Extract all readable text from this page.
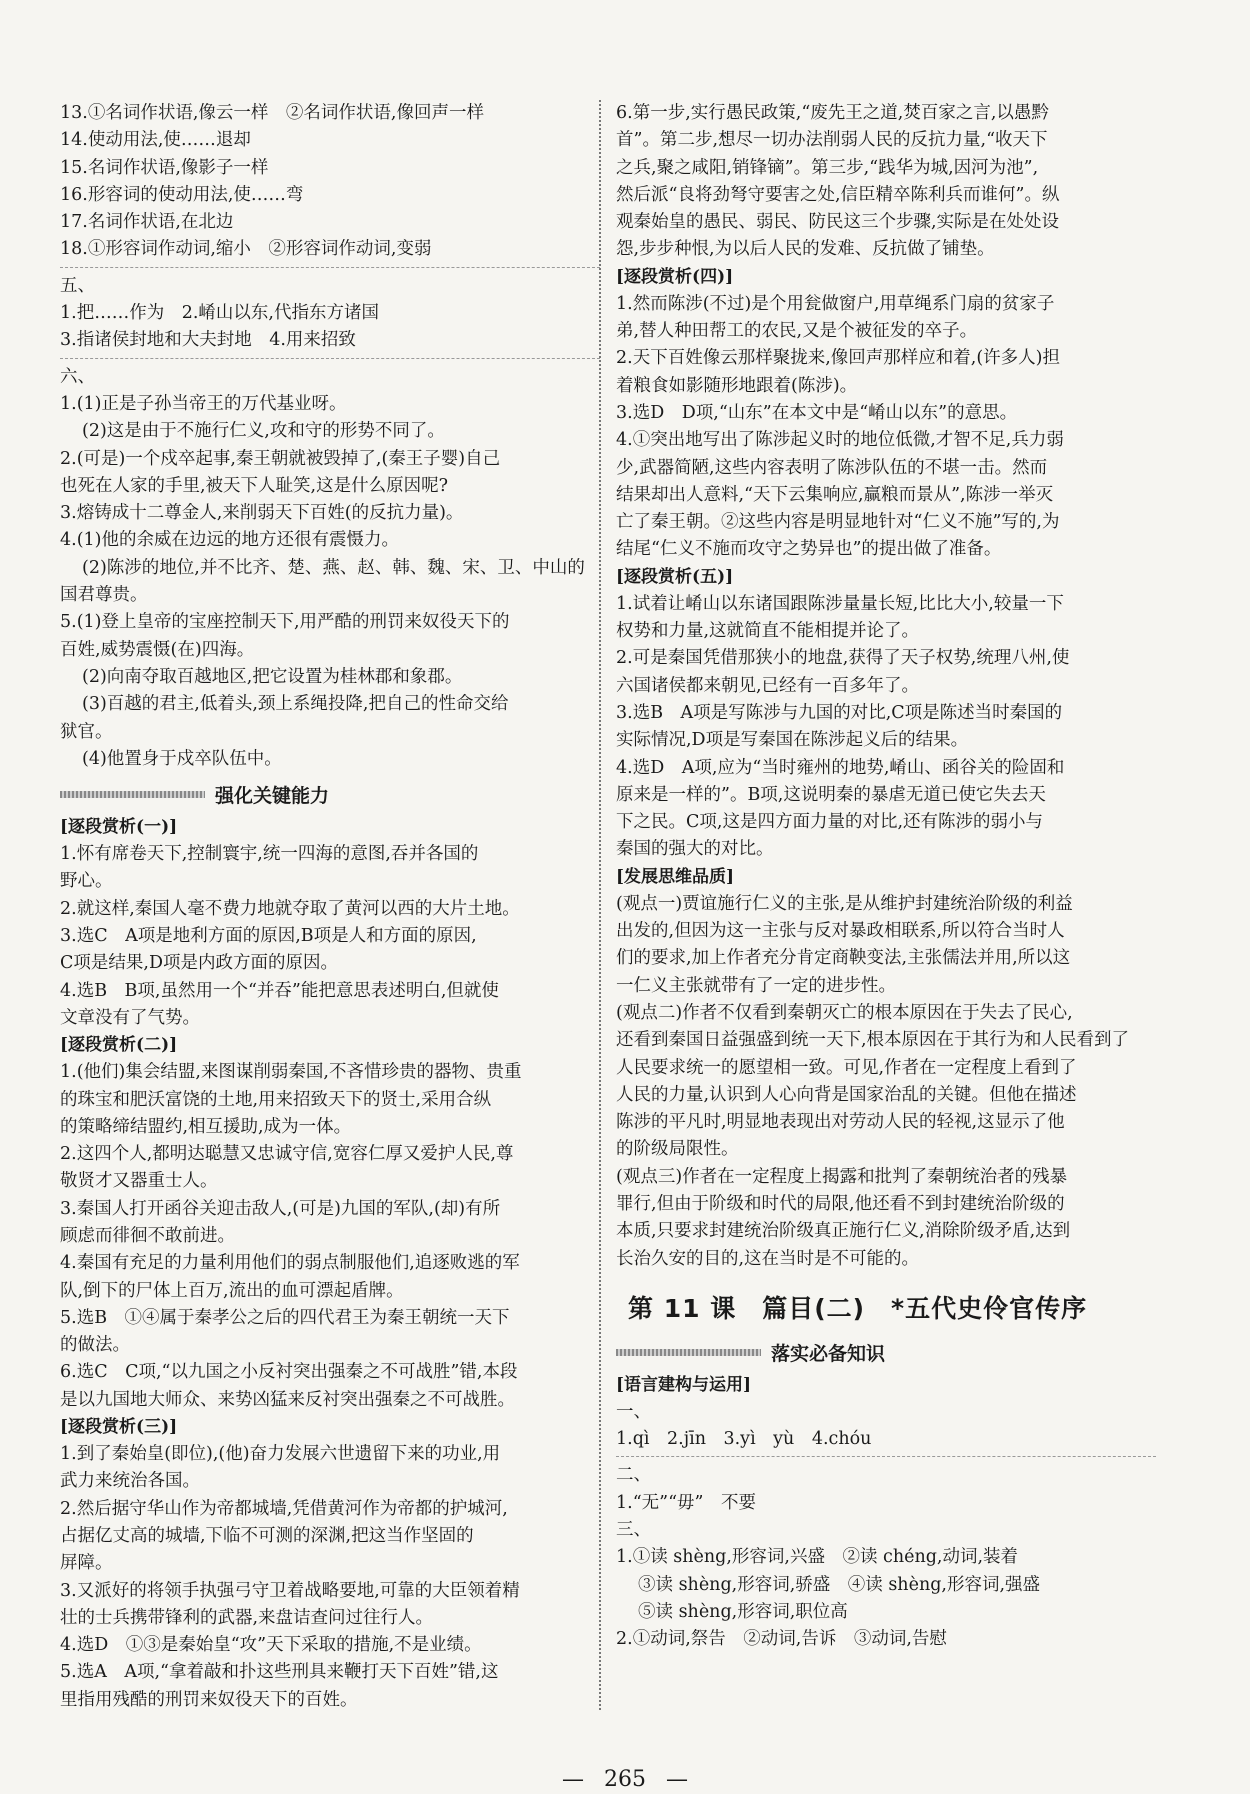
13.①名词作状语,像云一样　②名词作状语,像回声一样

14.使动用法,使……退却

15.名词作状语,像影子一样

16.形容词的使动用法,使……弯

17.名词作状语,在北边

18.①形容词作动词,缩小　②形容词作动词,变弱

五、

1.把……作为　2.崤山以东,代指东方诸国

3.指诸侯封地和大夫封地　4.用来招致

六、

1.(1)正是子孙当帝王的万代基业呀。

(2)这是由于不施行仁义,攻和守的形势不同了。

2.(可是)一个戍卒起事,秦王朝就被毁掉了,(秦王子婴)自己

也死在人家的手里,被天下人耻笑,这是什么原因呢?

3.熔铸成十二尊金人,来削弱天下百姓(的反抗力量)。

4.(1)他的余威在边远的地方还很有震慑力。

(2)陈涉的地位,并不比齐、楚、燕、赵、韩、魏、宋、卫、中山的

国君尊贵。

5.(1)登上皇帝的宝座控制天下,用严酷的刑罚来奴役天下的

百姓,威势震慑(在)四海。

(2)向南夺取百越地区,把它设置为桂林郡和象郡。

(3)百越的君主,低着头,颈上系绳投降,把自己的性命交给

狱官。

(4)他置身于戍卒队伍中。

强化关键能力
[逐段赏析(一)]

1.怀有席卷天下,控制寰宇,统一四海的意图,吞并各国的

野心。

2.就这样,秦国人毫不费力地就夺取了黄河以西的大片土地。

3.选C　A项是地利方面的原因,B项是人和方面的原因,

C项是结果,D项是内政方面的原因。

4.选B　B项,虽然用一个“并吞”能把意思表述明白,但就使

文章没有了气势。

[逐段赏析(二)]

1.(他们)集会结盟,来图谋削弱秦国,不吝惜珍贵的器物、贵重

的珠宝和肥沃富饶的土地,用来招致天下的贤士,采用合纵

的策略缔结盟约,相互援助,成为一体。

2.这四个人,都明达聪慧又忠诚守信,宽容仁厚又爱护人民,尊

敬贤才又器重士人。

3.秦国人打开函谷关迎击敌人,(可是)九国的军队,(却)有所

顾虑而徘徊不敢前进。

4.秦国有充足的力量利用他们的弱点制服他们,追逐败逃的军

队,倒下的尸体上百万,流出的血可漂起盾牌。

5.选B　①④属于秦孝公之后的四代君王为秦王朝统一天下

的做法。

6.选C　C项,“以九国之小反衬突出强秦之不可战胜”错,本段

是以九国地大师众、来势凶猛来反衬突出强秦之不可战胜。

[逐段赏析(三)]

1.到了秦始皇(即位),(他)奋力发展六世遗留下来的功业,用

武力来统治各国。

2.然后据守华山作为帝都城墙,凭借黄河作为帝都的护城河,

占据亿丈高的城墙,下临不可测的深渊,把这当作坚固的

屏障。

3.又派好的将领手执强弓守卫着战略要地,可靠的大臣领着精

壮的士兵携带锋利的武器,来盘诘查问过往行人。

4.选D　①③是秦始皇“攻”天下采取的措施,不是业绩。

5.选A　A项,“拿着敲和扑这些刑具来鞭打天下百姓”错,这

里指用残酷的刑罚来奴役天下的百姓。

6.第一步,实行愚民政策,“废先王之道,焚百家之言,以愚黔

首”。第二步,想尽一切办法削弱人民的反抗力量,“收天下

之兵,聚之咸阳,销锋镝”。第三步,“践华为城,因河为池”,

然后派“良将劲弩守要害之处,信臣精卒陈利兵而谁何”。纵

观秦始皇的愚民、弱民、防民这三个步骤,实际是在处处设

怨,步步种恨,为以后人民的发难、反抗做了铺垫。

[逐段赏析(四)]

1.然而陈涉(不过)是个用瓮做窗户,用草绳系门扇的贫家子

弟,替人种田帮工的农民,又是个被征发的卒子。

2.天下百姓像云那样聚拢来,像回声那样应和着,(许多人)担

着粮食如影随形地跟着(陈涉)。

3.选D　D项,“山东”在本文中是“崤山以东”的意思。

4.①突出地写出了陈涉起义时的地位低微,才智不足,兵力弱

少,武器简陋,这些内容表明了陈涉队伍的不堪一击。然而

结果却出人意料,“天下云集响应,赢粮而景从”,陈涉一举灭

亡了秦王朝。②这些内容是明显地针对“仁义不施”写的,为

结尾“仁义不施而攻守之势异也”的提出做了准备。

[逐段赏析(五)]

1.试着让崤山以东诸国跟陈涉量量长短,比比大小,较量一下

权势和力量,这就简直不能相提并论了。

2.可是秦国凭借那狭小的地盘,获得了天子权势,统理八州,使

六国诸侯都来朝见,已经有一百多年了。

3.选B　A项是写陈涉与九国的对比,C项是陈述当时秦国的

实际情况,D项是写秦国在陈涉起义后的结果。

4.选D　A项,应为“当时雍州的地势,崤山、函谷关的险固和

原来是一样的”。B项,这说明秦的暴虐无道已使它失去天

下之民。C项,这是四方面力量的对比,还有陈涉的弱小与

秦国的强大的对比。

[发展思维品质]

(观点一)贾谊施行仁义的主张,是从维护封建统治阶级的利益

出发的,但因为这一主张与反对暴政相联系,所以符合当时人

们的要求,加上作者充分肯定商鞅变法,主张儒法并用,所以这

一仁义主张就带有了一定的进步性。

(观点二)作者不仅看到秦朝灭亡的根本原因在于失去了民心,

还看到秦国日益强盛到统一天下,根本原因在于其行为和人民看到了

人民要求统一的愿望相一致。可见,作者在一定程度上看到了

人民的力量,认识到人心向背是国家治乱的关键。但他在描述

陈涉的平凡时,明显地表现出对劳动人民的轻视,这显示了他

的阶级局限性。

(观点三)作者在一定程度上揭露和批判了秦朝统治者的残暴

罪行,但由于阶级和时代的局限,他还看不到封建统治阶级的

本质,只要求封建统治阶级真正施行仁义,消除阶级矛盾,达到

长治久安的目的,这在当时是不可能的。

第 11 课　篇目(二)　*五代史伶官传序
落实必备知识
[语言建构与运用]

一、

1.qì　2.jīn　3.yì　yù　4.chóu

二、

1.“无”“毋”　不要

三、

1.①读 shèng,形容词,兴盛　②读 chéng,动词,装着

③读 shèng,形容词,骄盛　④读 shèng,形容词,强盛

⑤读 shèng,形容词,职位高

2.①动词,祭告　②动词,告诉　③动词,告慰

— 265 —
